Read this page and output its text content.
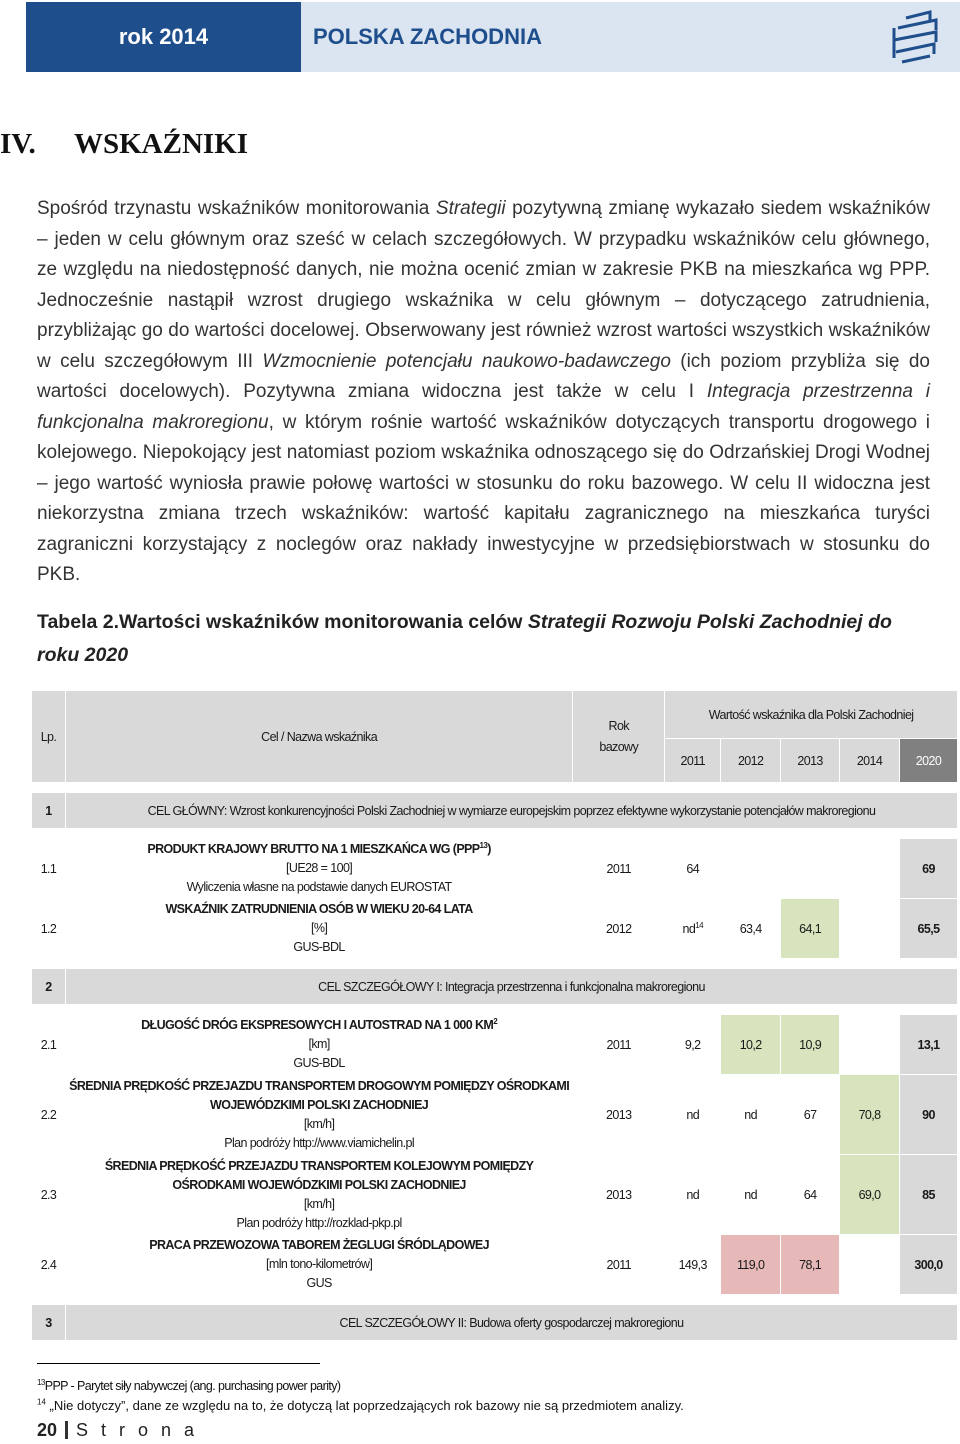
rok 2014	POLSKA ZACHODNIA
IV. WSKAŹNIKI
Spośród trzynastu wskaźników monitorowania Strategii pozytywną zmianę wykazało siedem wskaźników – jeden w celu głównym oraz sześć w celach szczegółowych. W przypadku wskaźników celu głównego, ze względu na niedostępność danych, nie można ocenić zmian w zakresie PKB na mieszkańca wg PPP. Jednocześnie nastąpił wzrost drugiego wskaźnika w celu głównym – dotyczącego zatrudnienia, przybliżając go do wartości docelowej. Obserwowany jest również wzrost wartości wszystkich wskaźników w celu szczegółowym III Wzmocnienie potencjału naukowo-badawczego (ich poziom przybliża się do wartości docelowych). Pozytywna zmiana widoczna jest także w celu I Integracja przestrzenna i funkcjonalna makroregionu, w którym rośnie wartość wskaźników dotyczących transportu drogowego i kolejowego. Niepokojący jest natomiast poziom wskaźnika odnoszącego się do Odrzańskiej Drogi Wodnej – jego wartość wyniosła prawie połowę wartości w stosunku do roku bazowego. W celu II widoczna jest niekorzystna zmiana trzech wskaźników: wartość kapitału zagranicznego na mieszkańca turyści zagraniczni korzystający z noclegów oraz nakłady inwestycyjne w przedsiębiorstwach w stosunku do PKB.
Tabela 2.Wartości wskaźników monitorowania celów Strategii Rozwoju Polski Zachodniej do roku 2020
Lp.	Cel / Nazwa wskaźnika	Rok bazowy	Wartość wskaźnika dla Polski Zachodniej				
			2011	2012	2013	2014	2020

1	CEL GŁÓWNY: Wzrost konkurencyjności Polski Zachodniej w wymiarze europejskim poprzez efektywne wykorzystanie potencjałów makroregionu						

1.1	PRODUKT KRAJOWY BRUTTO NA 1 MIESZKAŃCA WG (PPP$^{13}$)
[UE28 = 100]
Wyliczenia własne na podstawie danych EUROSTAT	2011	64				69
1.2	WSKAŹNIK ZATRUDNIENIA OSÓB W WIEKU 20-64 LATA
[%]
GUS-BDL	2012	$nd^{14}$	63,4	64,1		65,5

2	CEL SZCZEGÓŁOWY I: Integracja przestrzenna i funkcjonalna makroregionu						

2.1	DŁUGOŚĆ DRÓG EKSPRESOWYCH I AUTOSTRAD NA 1 000 $KM^2$
[km]
GUS-BDL	2011	9,2	10,2	10,9		13,1
2.2	ŚREDNIA PRĘDKOŚĆ PRZEJAZDU TRANSPORTEM DROGOWYM POMIĘDZY OŚRODKAMI WOJEWÓDZKIMI POLSKI ZACHODNIEJ
[km/h]
Plan podróży http://www.viamichelin.pl	2013	nd	nd	67	70,8	90
2.3	ŚREDNIA PRĘDKOŚĆ PRZEJAZDU TRANSPORTEM KOLEJOWYM POMIĘDZY OŚRODKAMI WOJEWÓDZKIMI POLSKI ZACHODNIEJ
[km/h]
Plan podróży http://rozklad-pkp.pl	2013	nd	nd	64	69,0	85
2.4	PRACA PRZEWOZOWA TABOREM ŻEGLUGI ŚRÓDLĄDOWEJ
[mln tono-kilometrów]
GUS	2011	149,3	119,0	78,1		300,0

3	CEL SZCZEGÓŁOWY II: Budowa oferty gospodarczej makroregionu						

$^{13}$PPP - Parytet siły nabywczej (ang. purchasing power parity)
$^{14}$ „Nie dotyczy”, dane ze względu na to, że dotyczą lat poprzedzających rok bazowy nie są przedmiotem analizy.
20 S t r o n a
